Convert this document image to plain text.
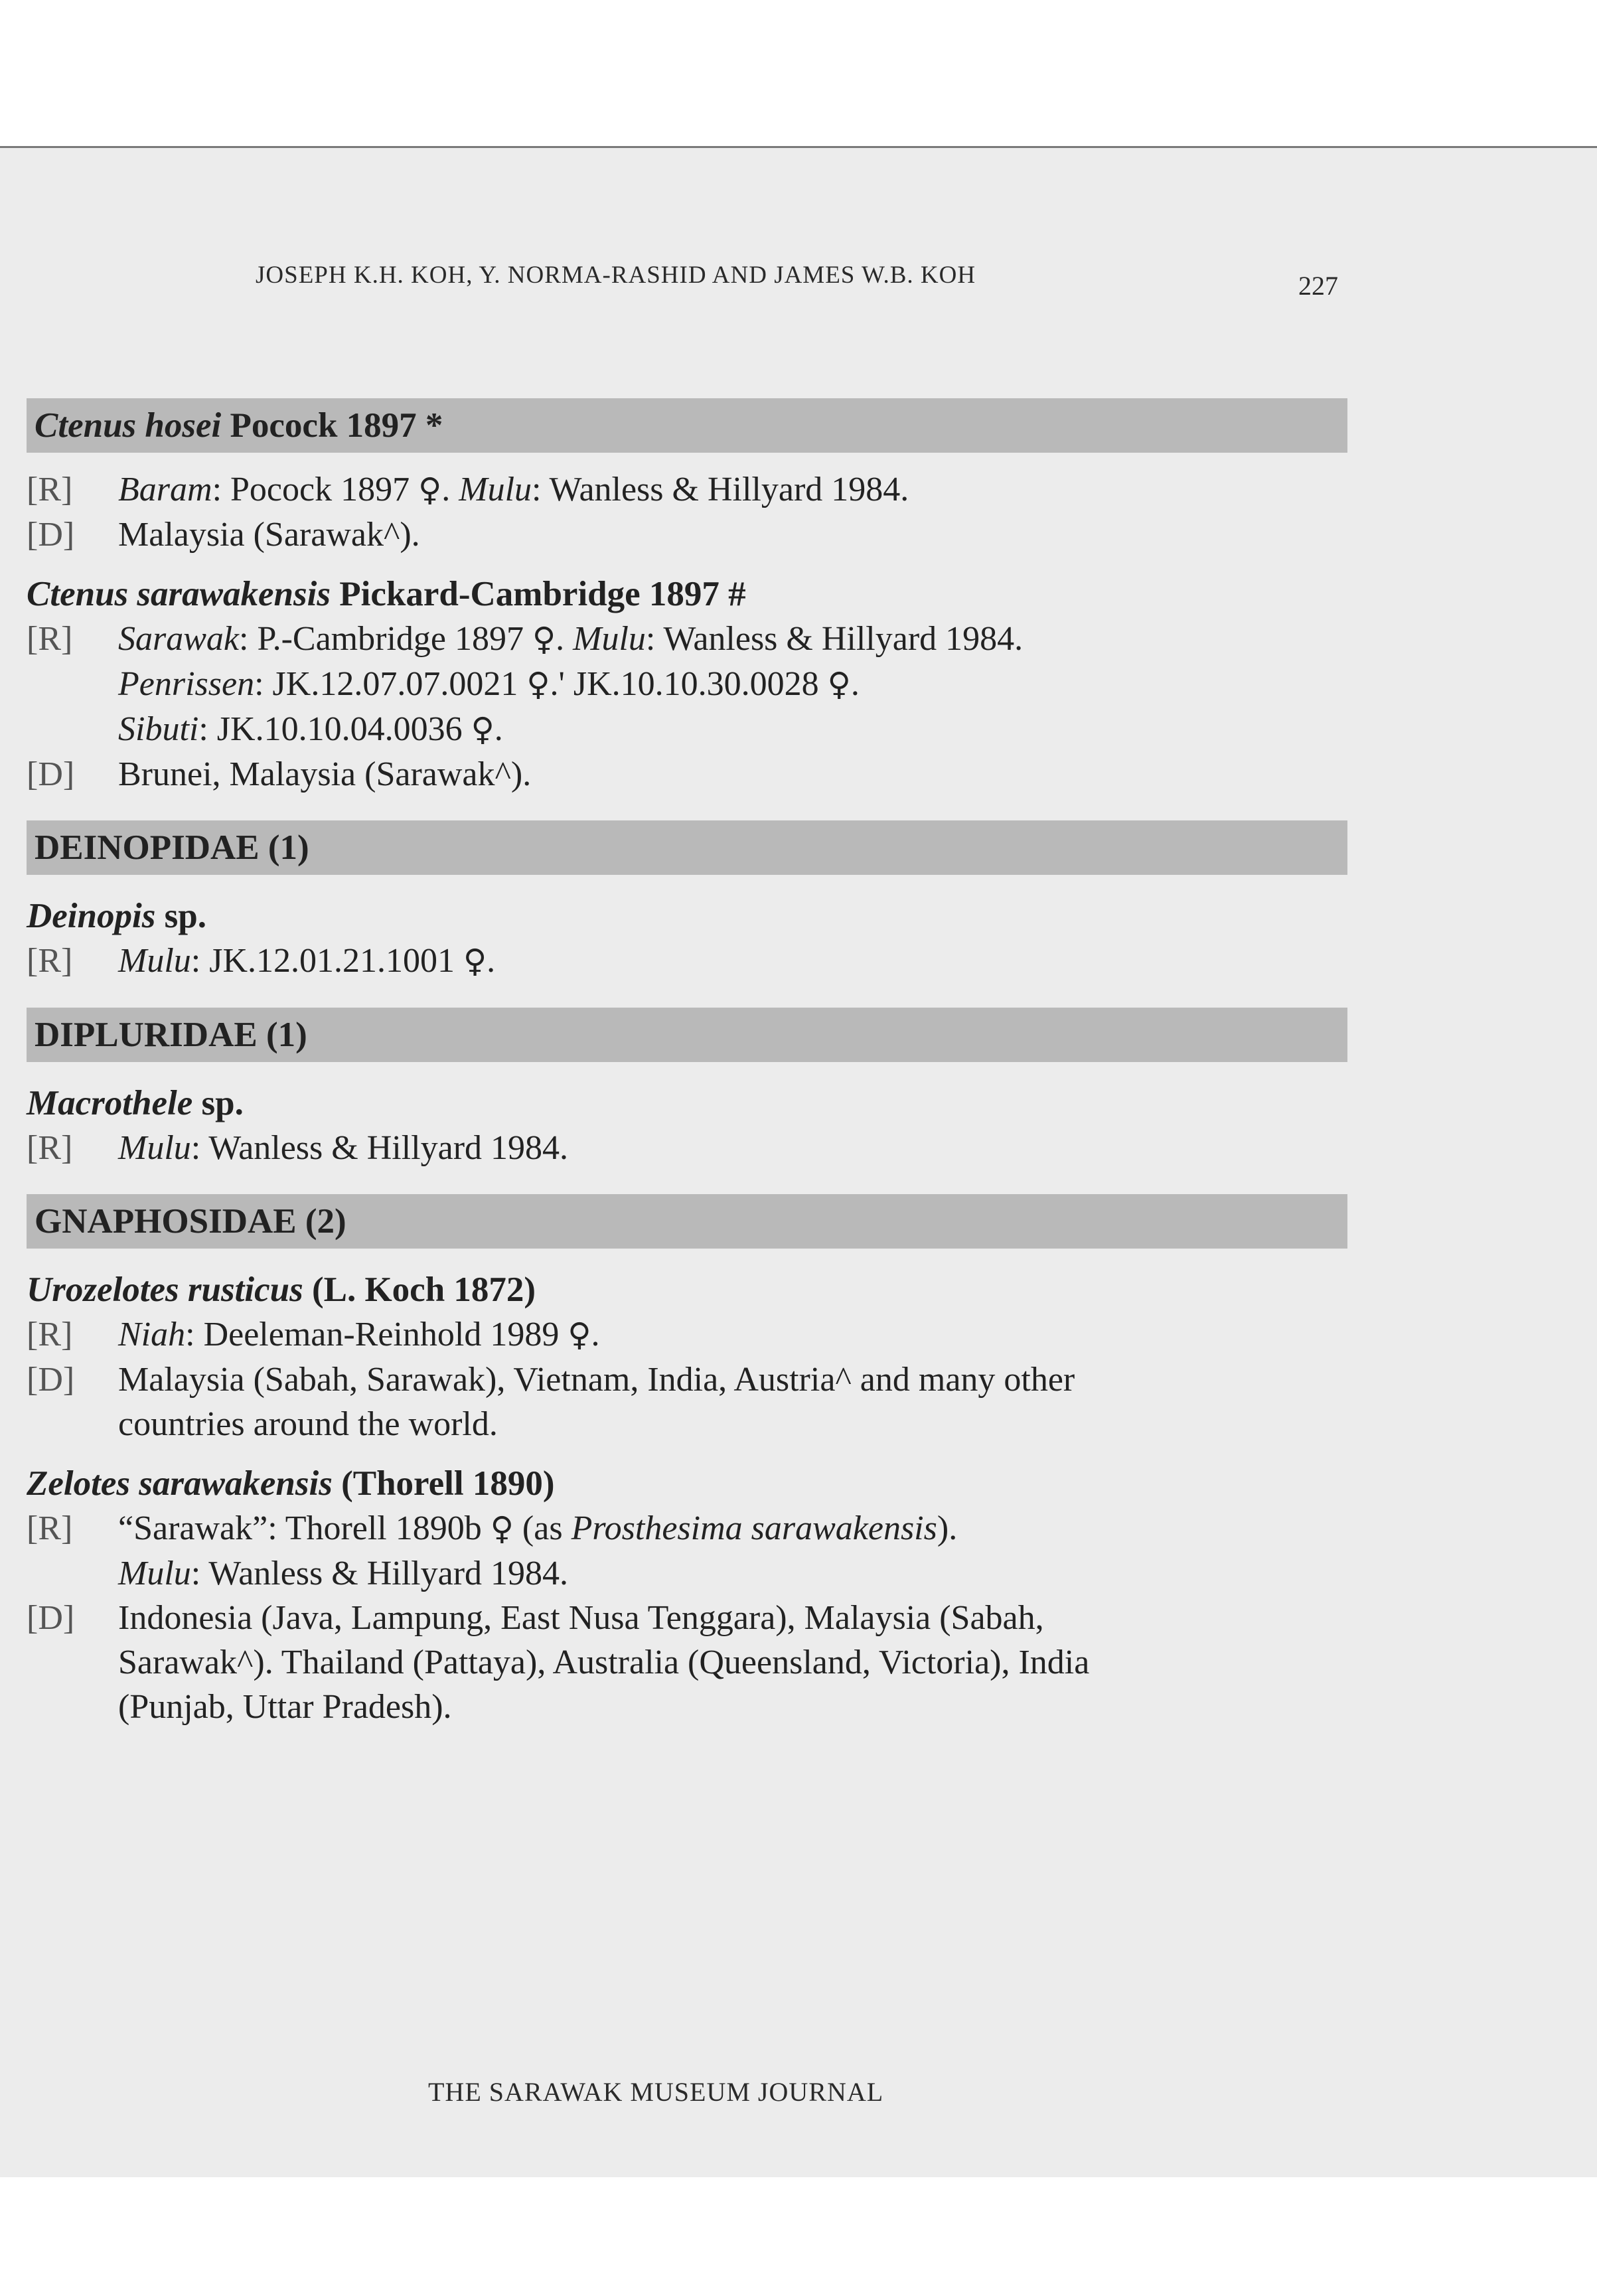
JOSEPH K.H. KOH, Y. NORMA-RASHID AND JAMES W.B. KOH	227
Ctenus hosei Pocock 1897 *
[R]	Baram: Pocock 1897 ♀. Mulu: Wanless & Hillyard 1984.
[D]	Malaysia (Sarawak^).
Ctenus sarawakensis Pickard-Cambridge 1897 #
[R]	Sarawak: P.-Cambridge 1897 ♀. Mulu: Wanless & Hillyard 1984.
Penrissen: JK.12.07.07.0021 ♀.' JK.10.10.30.0028 ♀.
Sibuti: JK.10.10.04.0036 ♀.
[D]	Brunei, Malaysia (Sarawak^).
DEINOPIDAE (1)
Deinopis sp.
[R]	Mulu: JK.12.01.21.1001 ♀.
DIPLURIDAE (1)
Macrothele sp.
[R]	Mulu: Wanless & Hillyard 1984.
GNAPHOSIDAE (2)
Urozelotes rusticus (L. Koch 1872)
[R]	Niah: Deeleman-Reinhold 1989 ♀.
[D]	Malaysia (Sabah, Sarawak), Vietnam, India, Austria^ and many other
countries around the world.
Zelotes sarawakensis (Thorell 1890)
[R]	“Sarawak”: Thorell 1890b ♀ (as Prosthesima sarawakensis).
Mulu: Wanless & Hillyard 1984.
[D]	Indonesia (Java, Lampung, East Nusa Tenggara), Malaysia (Sabah,
Sarawak^). Thailand (Pattaya), Australia (Queensland, Victoria), India
(Punjab, Uttar Pradesh).
THE SARAWAK MUSEUM JOURNAL
